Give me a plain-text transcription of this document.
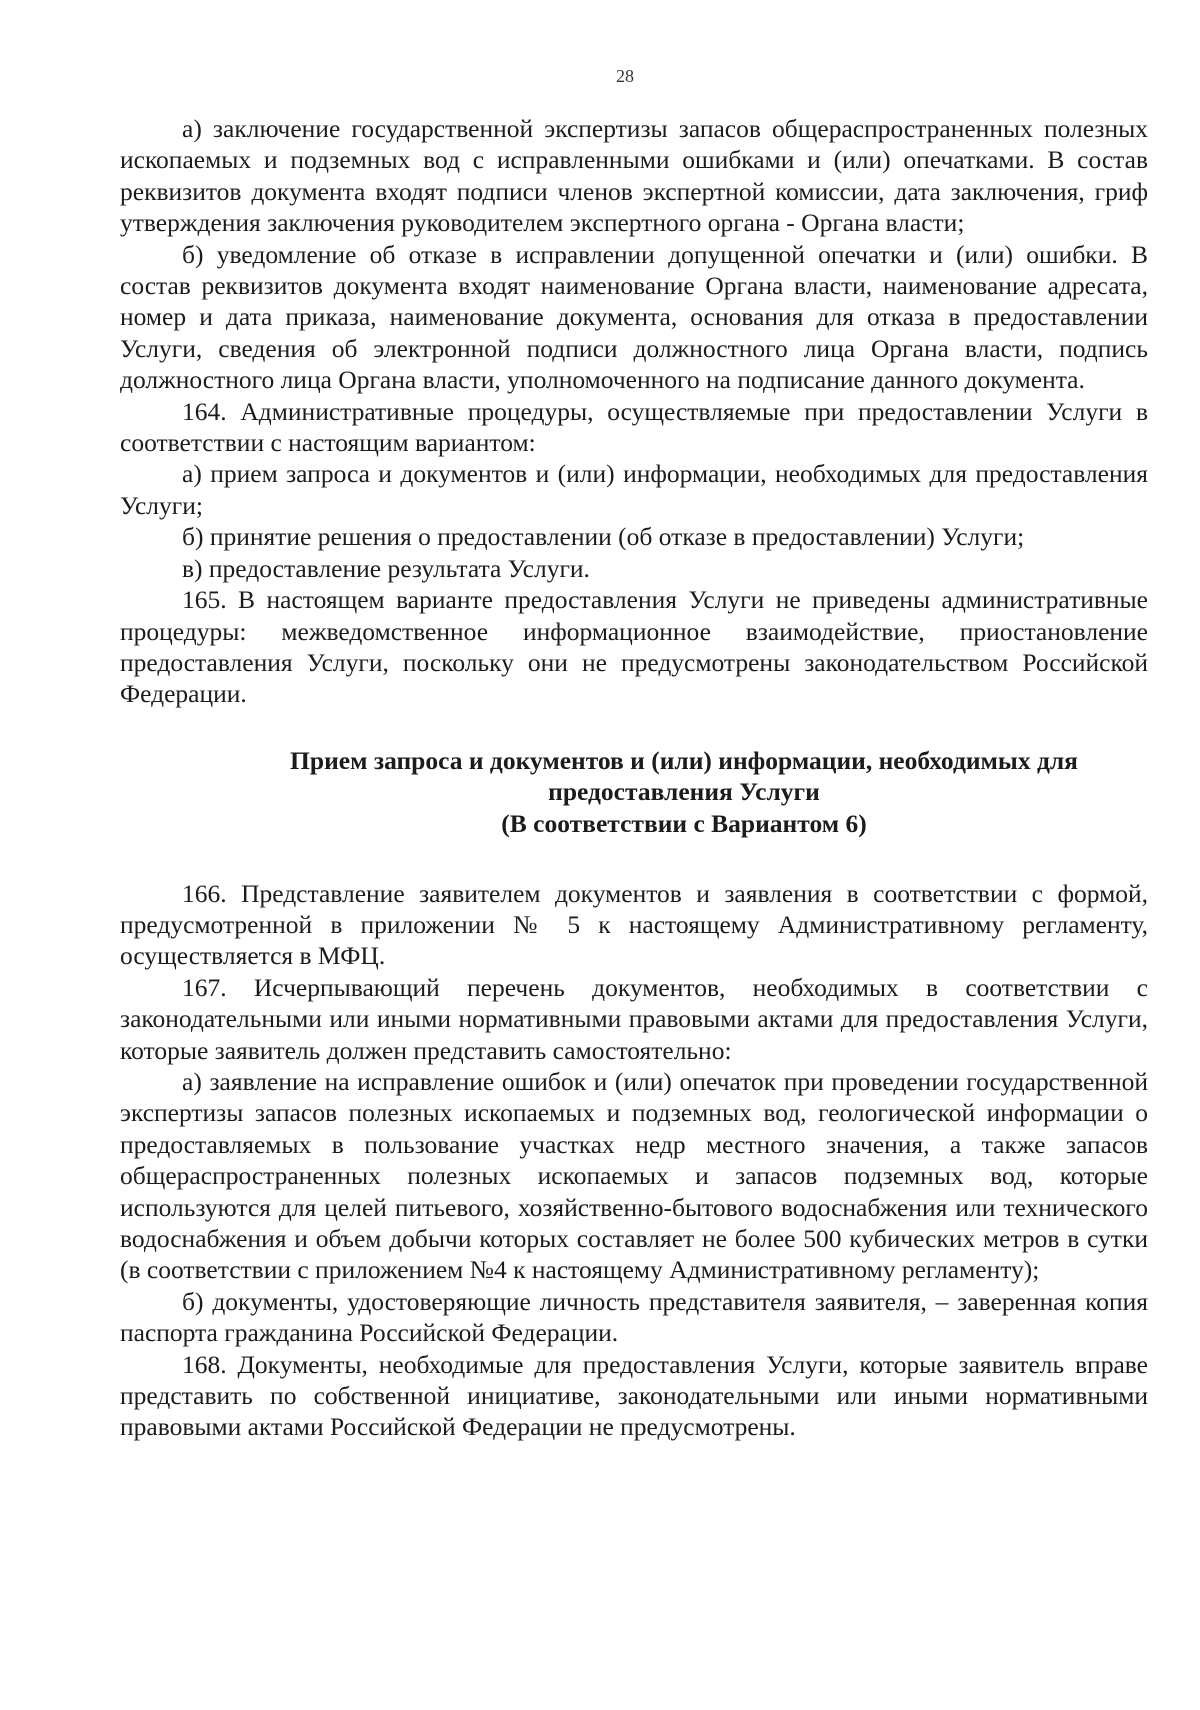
28

а) заключение государственной экспертизы запасов общераспространенных полезных ископаемых и подземных вод с исправленными ошибками и (или) опечатками. В состав реквизитов документа входят подписи членов экспертной комиссии, дата заключения, гриф утверждения заключения руководителем экспертного органа - Органа власти;

б) уведомление об отказе в исправлении допущенной опечатки и (или) ошибки. В состав реквизитов документа входят наименование Органа власти, наименование адресата, номер и дата приказа, наименование документа, основания для отказа в предоставлении Услуги, сведения об электронной подписи должностного лица Органа власти, подпись должностного лица Органа власти, уполномоченного на подписание данного документа.

164. Административные процедуры, осуществляемые при предоставлении Услуги в соответствии с настоящим вариантом:

а) прием запроса и документов и (или) информации, необходимых для предоставления Услуги;

б) принятие решения о предоставлении (об отказе в предоставлении) Услуги;

в) предоставление результата Услуги.

165. В настоящем варианте предоставления Услуги не приведены административные процедуры: межведомственное информационное взаимодействие, приостановление предоставления Услуги, поскольку они не предусмотрены законодательством Российской Федерации.

Прием запроса и документов и (или) информации, необходимых для
предоставления Услуги
(В соответствии с Вариантом 6)

166. Представление заявителем документов и заявления в соответствии с формой, предусмотренной в приложении № 5 к настоящему Административному регламенту, осуществляется в МФЦ.

167. Исчерпывающий перечень документов, необходимых в соответствии с законодательными или иными нормативными правовыми актами для предоставления Услуги, которые заявитель должен представить самостоятельно:

а) заявление на исправление ошибок и (или) опечаток при проведении государственной экспертизы запасов полезных ископаемых и подземных вод, геологической информации о предоставляемых в пользование участках недр местного значения, а также запасов общераспространенных полезных ископаемых и запасов подземных вод, которые используются для целей питьевого, хозяйственно-бытового водоснабжения или технического водоснабжения и объем добычи которых составляет не более 500 кубических метров в сутки (в соответствии с приложением №4 к настоящему Административному регламенту);

б) документы, удостоверяющие личность представителя заявителя, – заверенная копия паспорта гражданина Российской Федерации.

168. Документы, необходимые для предоставления Услуги, которые заявитель вправе представить по собственной инициативе, законодательными или иными нормативными правовыми актами Российской Федерации не предусмотрены.
